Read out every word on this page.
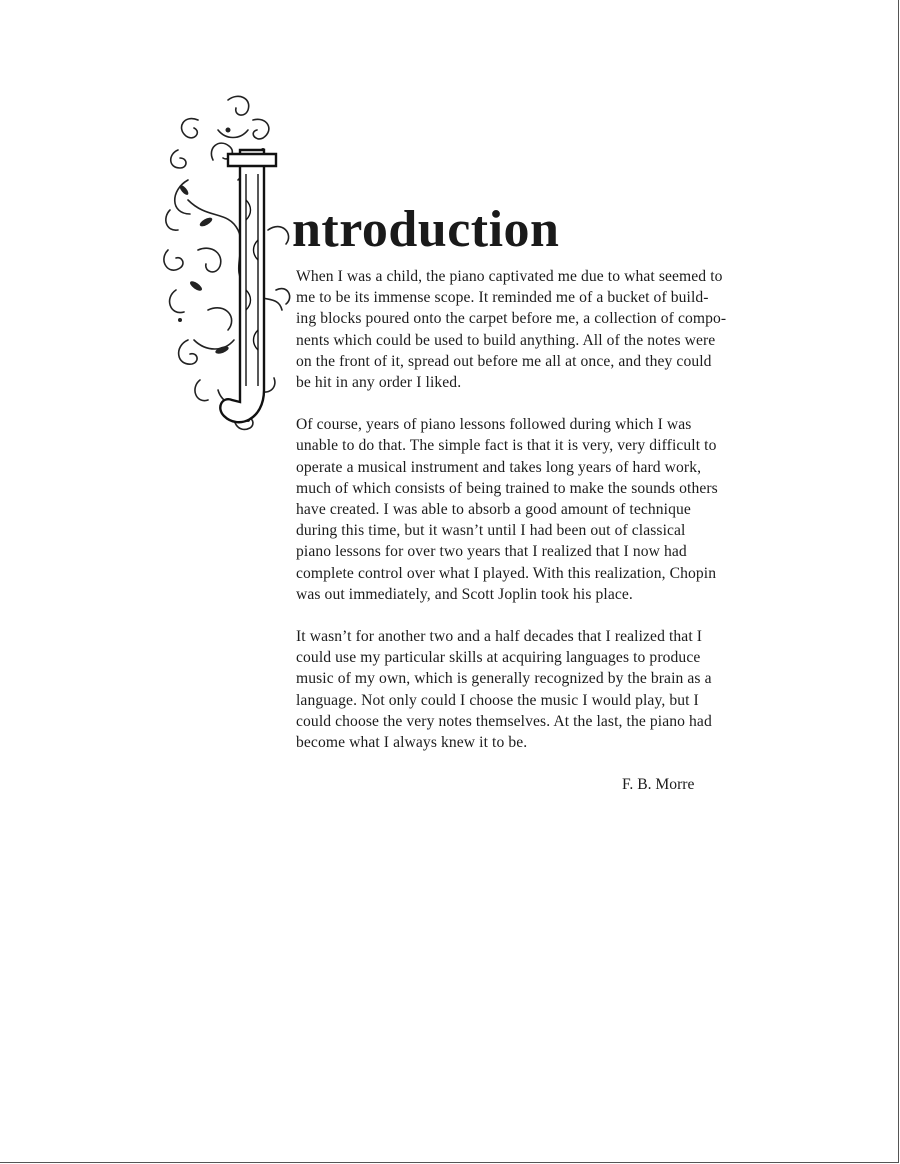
I
ntroduction

When I was a child, the piano captivated me due to what seemed to
me to be its immense scope. It reminded me of a bucket of build-
ing blocks poured onto the carpet before me, a collection of compo-
nents which could be used to build anything. All of the notes were
on the front of it, spread out before me all at once, and they could
be hit in any order I liked.

Of course, years of piano lessons followed during which I was
unable to do that. The simple fact is that it is very, very difficult to
operate a musical instrument and takes long years of hard work,
much of which consists of being trained to make the sounds others
have created. I was able to absorb a good amount of technique
during this time, but it wasn’t until I had been out of classical
piano lessons for over two years that I realized that I now had
complete control over what I played. With this realization, Chopin
was out immediately, and Scott Joplin took his place.

It wasn’t for another two and a half decades that I realized that I
could use my particular skills at acquiring languages to produce
music of my own, which is generally recognized by the brain as a
language. Not only could I choose the music I would play, but I
could choose the very notes themselves. At the last, the piano had
become what I always knew it to be.

F. B. Morre
